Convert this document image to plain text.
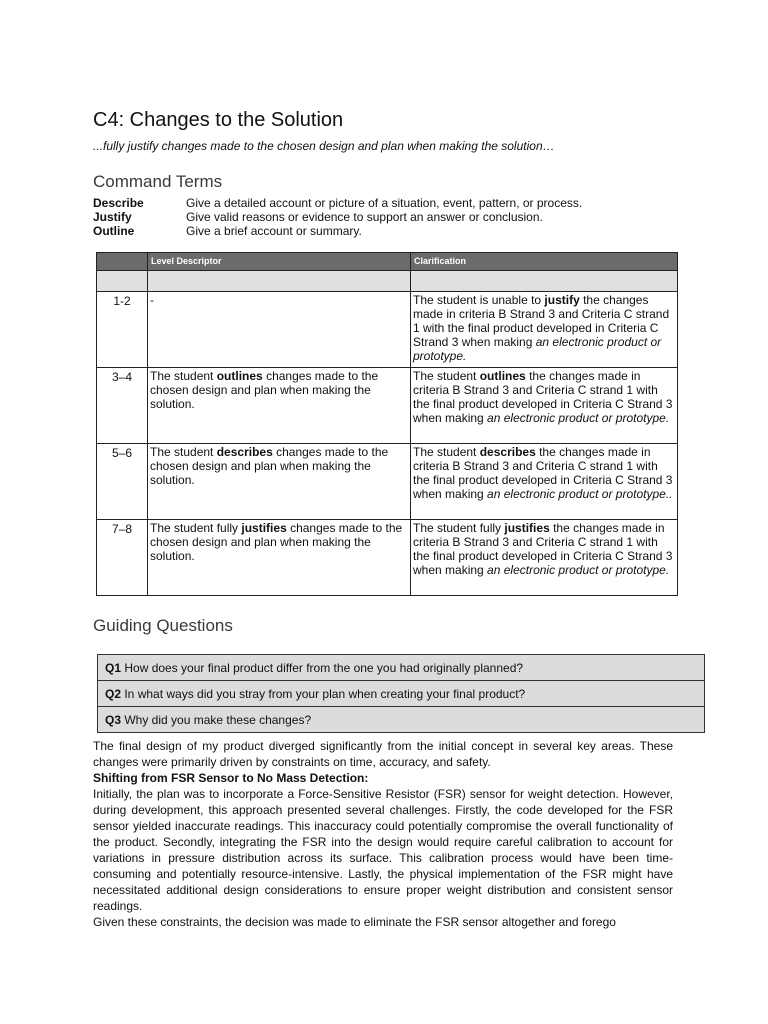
C4: Changes to the Solution
...fully justify changes made to the chosen design and plan when making the solution…
Command Terms
Describe	Give a detailed account or picture of a situation, event, pattern, or process.
Justify	Give valid reasons or evidence to support an answer or conclusion.
Outline	Give a brief account or summary.
	Level Descriptor	Clarification

1-2	-	The student is unable to justify the changes made in criteria B Strand 3 and Criteria C strand 1 with the final product developed in Criteria C Strand 3 when making an electronic product or prototype.
3–4	The student outlines changes made to the chosen design and plan when making the solution.	The student outlines the changes made in criteria B Strand 3 and Criteria C strand 1 with the final product developed in Criteria C Strand 3 when making an electronic product or prototype.
5–6	The student describes changes made to the chosen design and plan when making the solution.	The student describes the changes made in criteria B Strand 3 and Criteria C strand 1 with the final product developed in Criteria C Strand 3 when making an electronic product or prototype..
7–8	The student fully justifies changes made to the chosen design and plan when making the solution.	The student fully justifies the changes made in criteria B Strand 3 and Criteria C strand 1 with the final product developed in Criteria C Strand 3 when making an electronic product or prototype.
Guiding Questions
Q1 How does your final product differ from the one you had originally planned?
Q2 In what ways did you stray from your plan when creating your final product?
Q3 Why did you make these changes?

The final design of my product diverged significantly from the initial concept in several key areas. These changes were primarily driven by constraints on time, accuracy, and safety.

Shifting from FSR Sensor to No Mass Detection:

Initially, the plan was to incorporate a Force-Sensitive Resistor (FSR) sensor for weight detection. However, during development, this approach presented several challenges. Firstly, the code developed for the FSR sensor yielded inaccurate readings. This inaccuracy could potentially compromise the overall functionality of the product. Secondly, integrating the FSR into the design would require careful calibration to account for variations in pressure distribution across its surface. This calibration process would have been time-consuming and potentially resource-intensive. Lastly, the physical implementation of the FSR might have necessitated additional design considerations to ensure proper weight distribution and consistent sensor readings.

Given these constraints, the decision was made to eliminate the FSR sensor altogether and forego
